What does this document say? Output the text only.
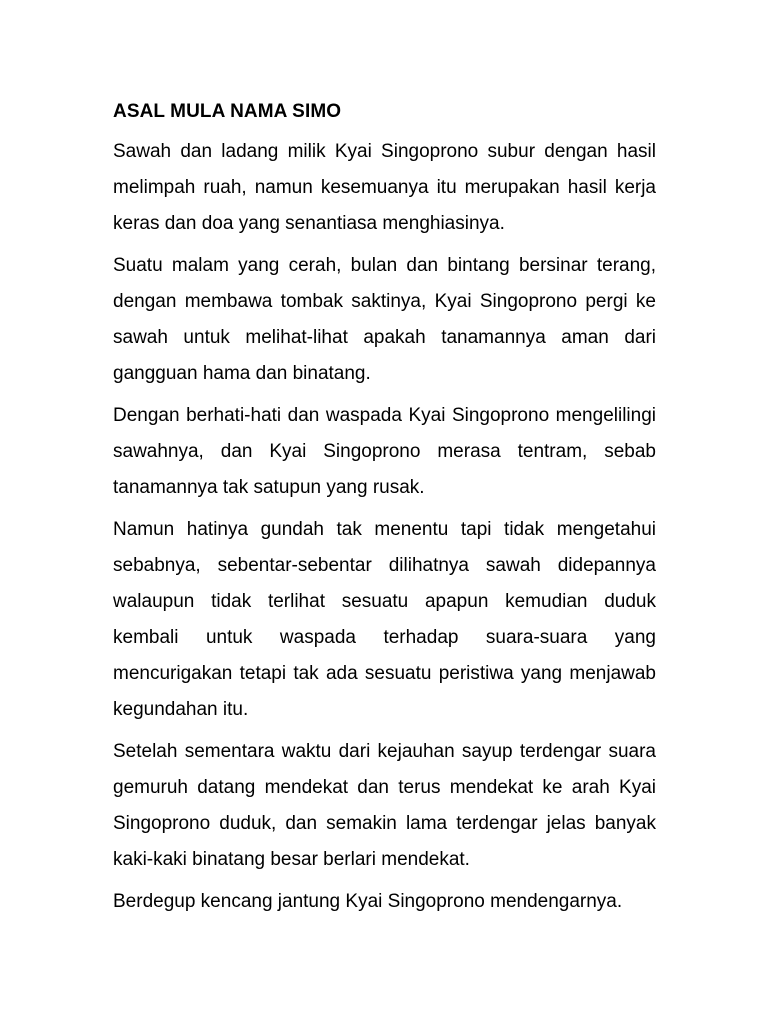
ASAL MULA NAMA SIMO

Sawah dan ladang milik Kyai Singoprono subur dengan hasil melimpah ruah, namun kesemuanya itu merupakan hasil kerja keras dan doa yang senantiasa menghiasinya.

Suatu malam yang cerah, bulan dan bintang bersinar terang, dengan membawa tombak saktinya, Kyai Singoprono pergi ke sawah untuk melihat-lihat apakah tanamannya aman dari gangguan hama dan binatang.

Dengan berhati-hati dan waspada Kyai Singoprono mengelilingi sawahnya, dan Kyai Singoprono merasa tentram, sebab tanamannya tak satupun yang rusak.

Namun hatinya gundah tak menentu tapi tidak mengetahui sebabnya, sebentar-sebentar dilihatnya sawah didepannya walaupun tidak terlihat sesuatu apapun kemudian duduk kembali untuk waspada terhadap suara-suara yang mencurigakan tetapi tak ada sesuatu peristiwa yang menjawab kegundahan itu.

Setelah sementara waktu dari kejauhan sayup terdengar suara gemuruh datang mendekat dan terus mendekat ke arah Kyai Singoprono duduk, dan semakin lama terdengar jelas banyak kaki-kaki binatang besar berlari mendekat.

Berdegup kencang jantung Kyai Singoprono mendengarnya.
